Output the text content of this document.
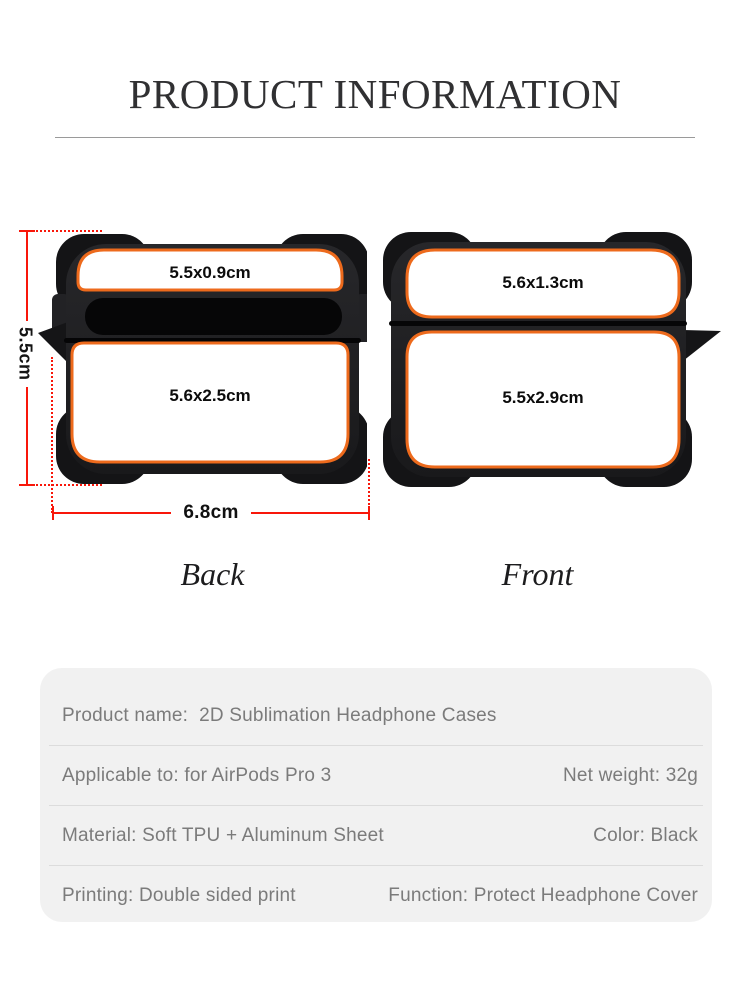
PRODUCT INFORMATION
5.5x0.9cm
5.6x2.5cm
5.6x1.3cm
5.5x2.9cm
5.5cm
6.8cm
Back	Front
Product name:  2D Sublimation Headphone Cases
Applicable to: for AirPods Pro 3	Net weight: 32g
Material: Soft TPU + Aluminum Sheet	Color: Black
Printing: Double sided print	Function: Protect Headphone Cover
